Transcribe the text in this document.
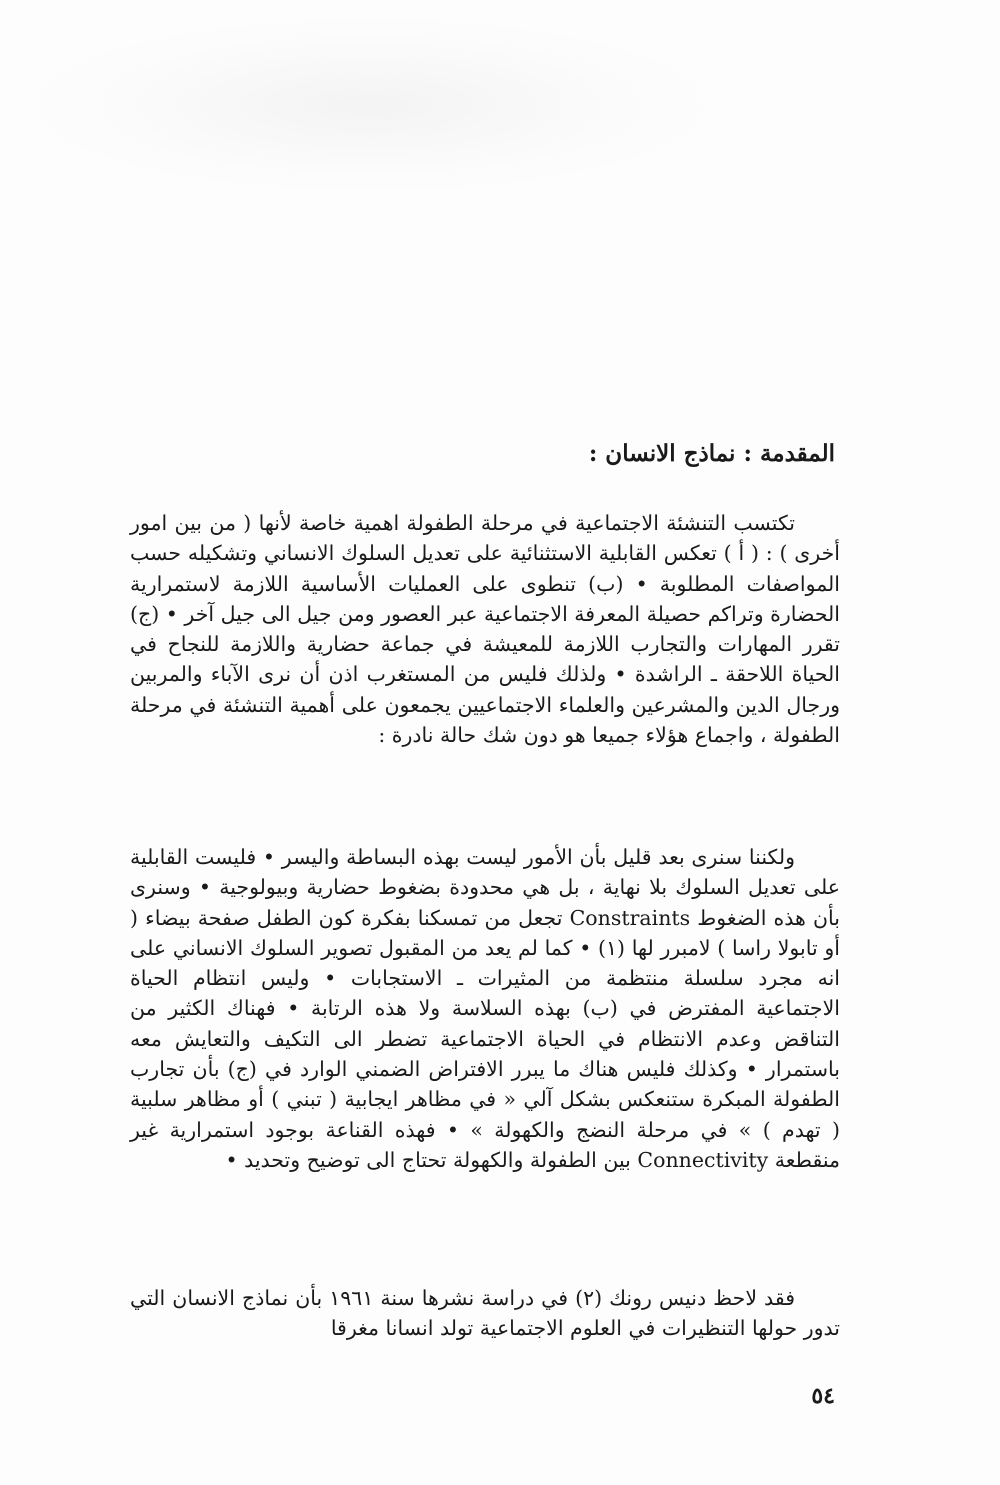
المقدمة : نماذج الانسان :

تكتسب التنشئة الاجتماعية في مرحلة الطفولة اهمية خاصة لأنها ( من بين امور أخرى ) : ( أ ) تعكس القابلية الاستثنائية على تعديل السلوك الانساني وتشكيله حسب المواصفات المطلوبة • (ب) تنطوى على العمليات الأساسية اللازمة لاستمرارية الحضارة وتراكم حصيلة المعرفة الاجتماعية عبر العصور ومن جيل الى جيل آخر • (ج) تقرر المهارات والتجارب اللازمة للمعيشة في جماعة حضارية واللازمة للنجاح في الحياة اللاحقة ـ الراشدة • ولذلك فليس من المستغرب اذن أن نرى الآباء والمربين ورجال الدين والمشرعين والعلماء الاجتماعيين يجمعون على أهمية التنشئة في مرحلة الطفولة ، واجماع هؤلاء جميعا هو دون شك حالة نادرة :

ولكننا سنرى بعد قليل بأن الأمور ليست بهذه البساطة واليسر • فليست القابلية على تعديل السلوك بلا نهاية ، بل هي محدودة بضغوط حضارية وبيولوجية • وسنرى بأن هذه الضغوط Constraints تجعل من تمسكنا بفكرة كون الطفل صفحة بيضاء ( أو تابولا راسا ) لامبرر لها (١) • كما لم يعد من المقبول تصوير السلوك الانساني على انه مجرد سلسلة منتظمة من المثيرات ـ الاستجابات • وليس انتظام الحياة الاجتماعية المفترض في (ب) بهذه السلاسة ولا هذه الرتابة • فهناك الكثير من التناقض وعدم الانتظام في الحياة الاجتماعية تضطر الى التكيف والتعايش معه باستمرار • وكذلك فليس هناك ما يبرر الافتراض الضمني الوارد في (ج) بأن تجارب الطفولة المبكرة ستنعكس بشكل آلي « في مظاهر ايجابية ( تبني ) أو مظاهر سلبية ( تهدم ) » في مرحلة النضج والكهولة » • فهذه القناعة بوجود استمرارية غير منقطعة Connectivity بين الطفولة والكهولة تحتاج الى توضيح وتحديد •

فقد لاحظ دنيس رونك (٢) في دراسة نشرها سنة ١٩٦١ بأن نماذج الانسان التي تدور حولها التنظيرات في العلوم الاجتماعية تولد انسانا مغرقا

٥٤
